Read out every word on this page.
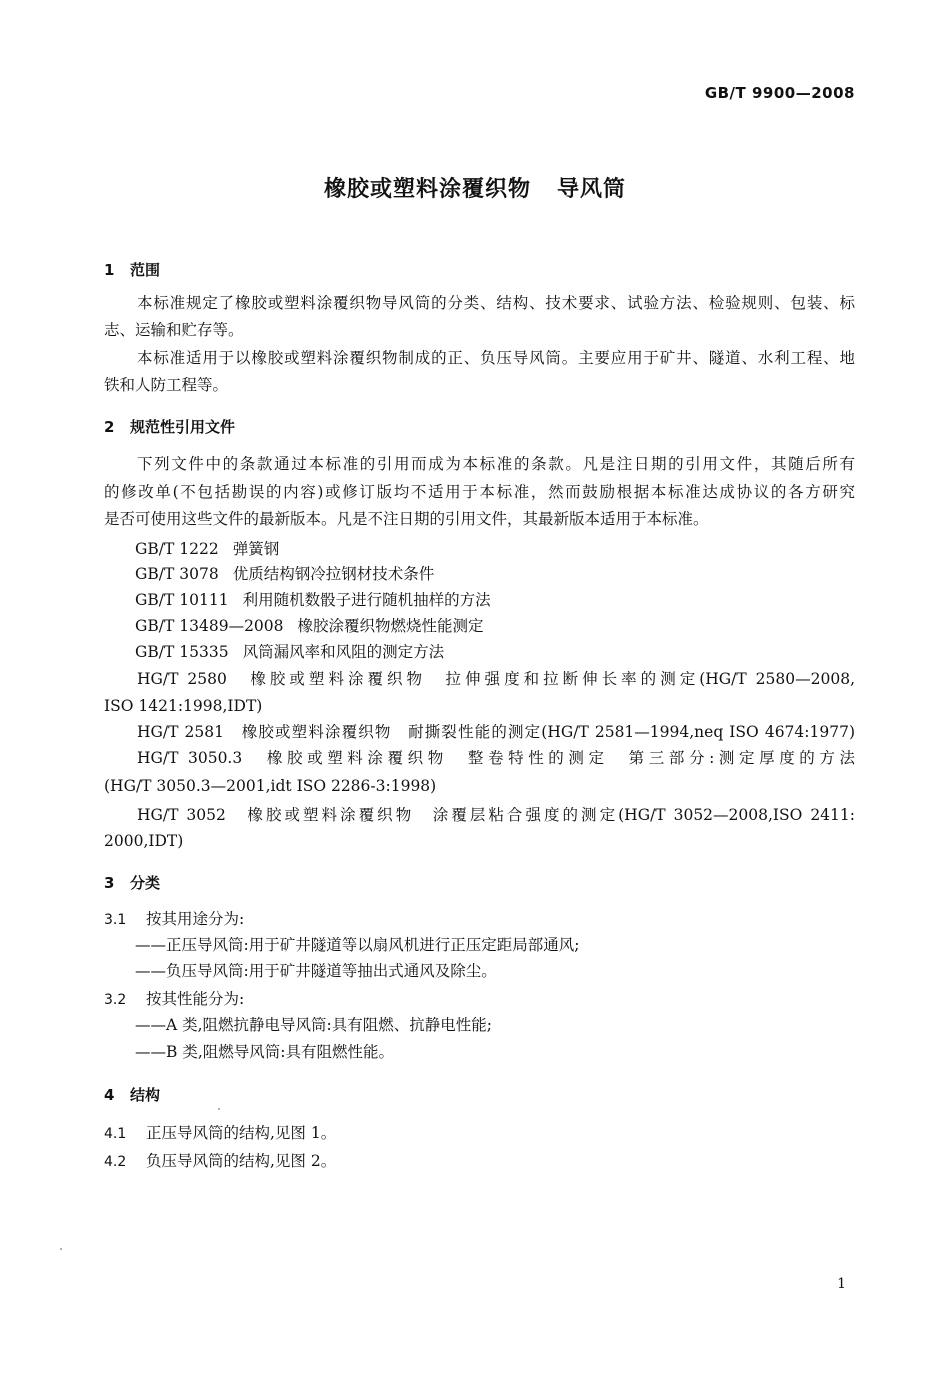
GB/T 9900—2008
橡胶或塑料涂覆织物 导风筒
1 范围
本标准规定了橡胶或塑料涂覆织物导风筒的分类、结构、技术要求、试验方法、检验规则、包装、标
志、运输和贮存等。
本标准适用于以橡胶或塑料涂覆织物制成的正、负压导风筒。主要应用于矿井、隧道、水利工程、地
铁和人防工程等。
2 规范性引用文件
下列文件中的条款通过本标准的引用而成为本标准的条款。凡是注日期的引用文件，其随后所有
的修改单(不包括勘误的内容)或修订版均不适用于本标准，然而鼓励根据本标准达成协议的各方研究
是否可使用这些文件的最新版本。凡是不注日期的引用文件，其最新版本适用于本标准。
GB/T 1222 弹簧钢
GB/T 3078 优质结构钢冷拉钢材技术条件
GB/T 10111 利用随机数骰子进行随机抽样的方法
GB/T 13489—2008 橡胶涂覆织物燃烧性能测定
GB/T 15335 风筒漏风率和风阻的测定方法
HG/T 2580　橡胶或塑料涂覆织物　拉伸强度和拉断伸长率的测定(HG/T 2580—2008,
ISO 1421:1998,IDT)
HG/T 2581　橡胶或塑料涂覆织物　耐撕裂性能的测定(HG/T 2581—1994,neq ISO 4674:1977)
HG/T 3050.3　橡胶或塑料涂覆织物　整卷特性的测定　第三部分:测定厚度的方法
(HG/T 3050.3—2001,idt ISO 2286-3:1998)
HG/T 3052　橡胶或塑料涂覆织物　涂覆层粘合强度的测定(HG/T 3052—2008,ISO 2411:
2000,IDT)
3 分类
3.1 按其用途分为:
——正压导风筒:用于矿井隧道等以扇风机进行正压定距局部通风;
——负压导风筒:用于矿井隧道等抽出式通风及除尘。
3.2 按其性能分为:
——A 类,阻燃抗静电导风筒:具有阻燃、抗静电性能;
——B 类,阻燃导风筒:具有阻燃性能。
4 结构
4.1 正压导风筒的结构,见图 1。
4.2 负压导风筒的结构,见图 2。
1
